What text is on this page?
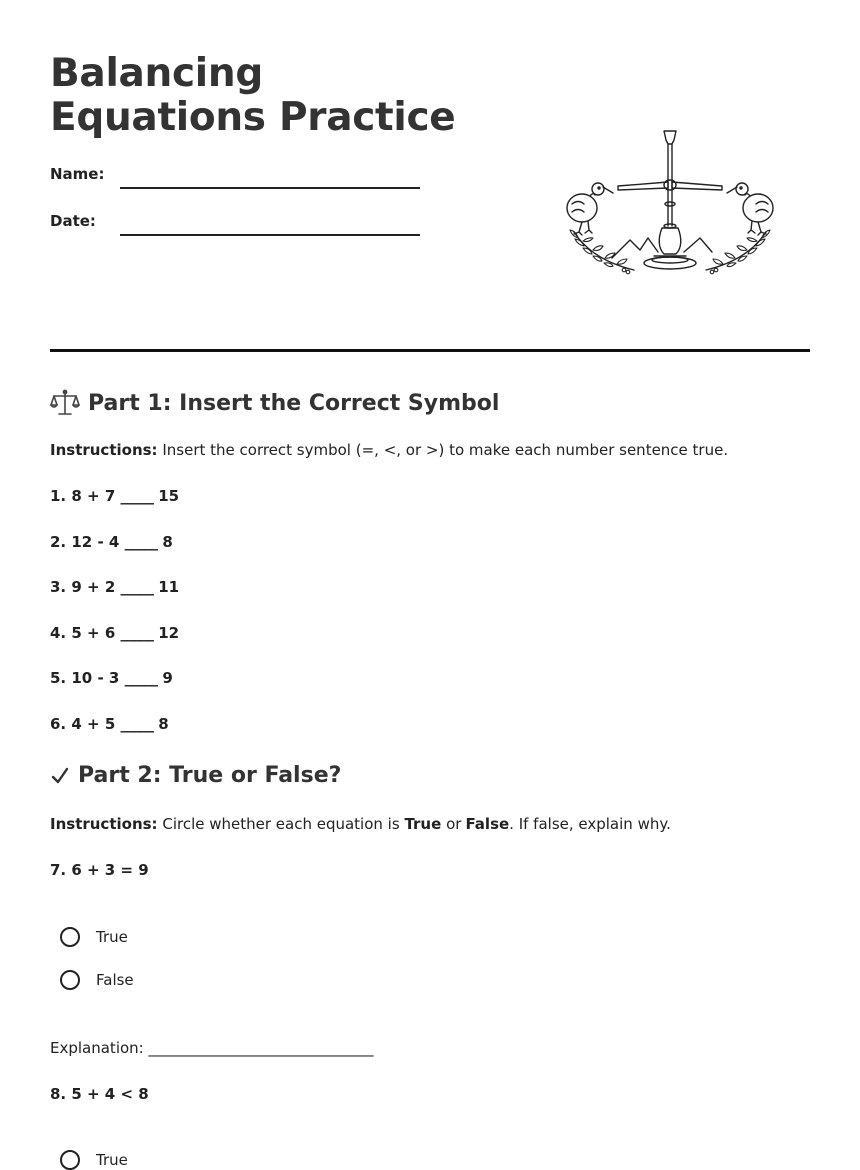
Balancing Equations Practice
Name:
Date:
Part 1: Insert the Correct Symbol
Instructions: Insert the correct symbol (=, <, or >) to make each number sentence true.
1. 8 + 7 _____ 15
2. 12 - 4 _____ 8
3. 9 + 2 _____ 11
4. 5 + 6 _____ 12
5. 10 - 3 _____ 9
6. 4 + 5 _____ 8
Part 2: True or False?
Instructions: Circle whether each equation is True or False. If false, explain why.
7. 6 + 3 = 9
True
False
Explanation: ______________________________
8. 5 + 4 < 8
True
